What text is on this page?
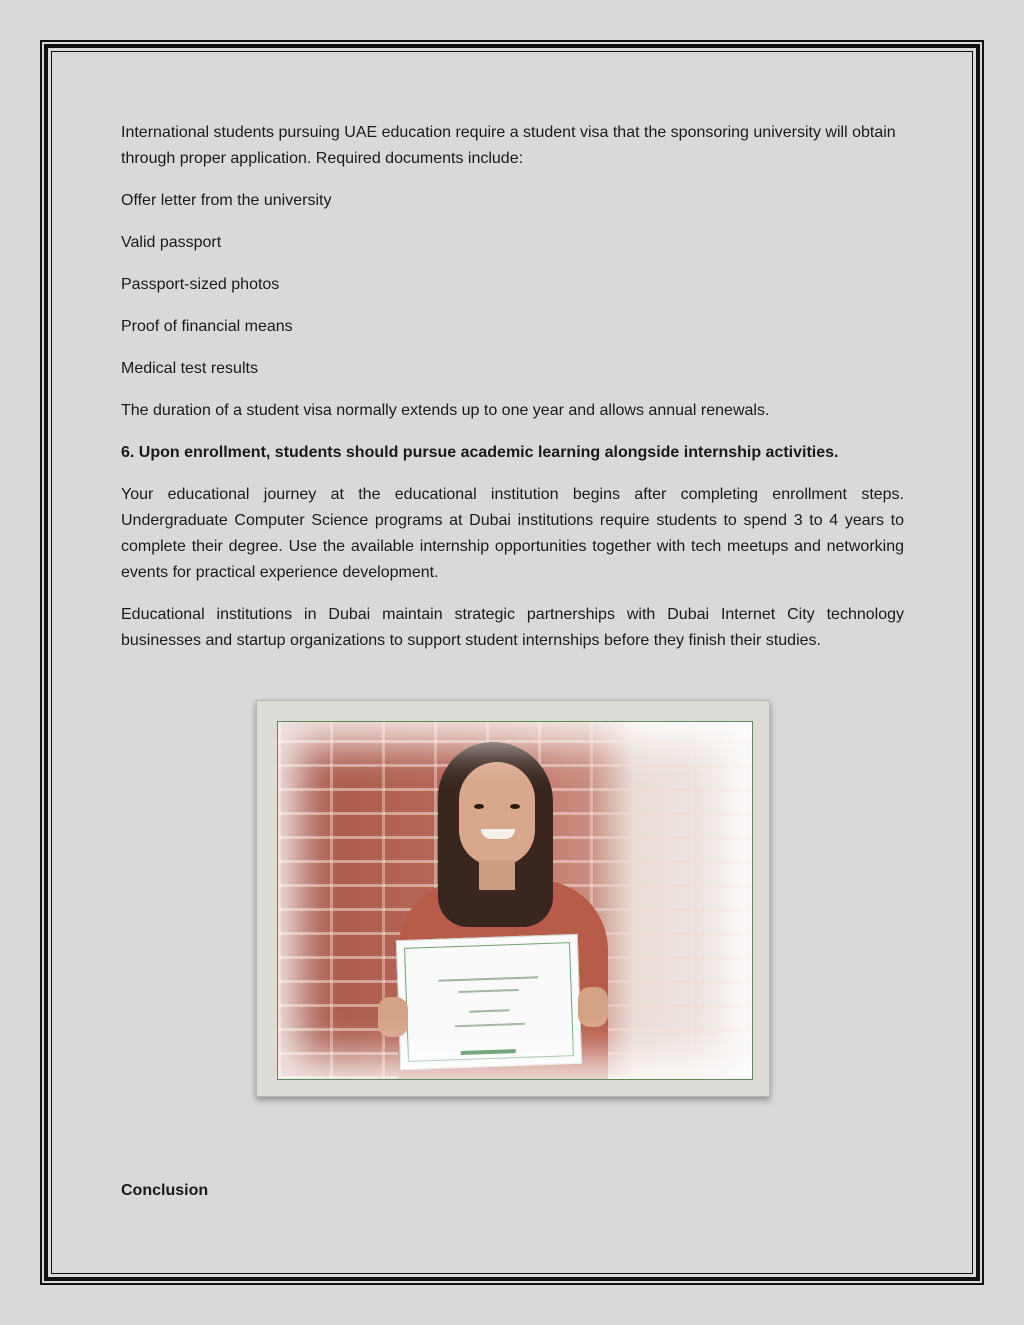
International students pursuing UAE education require a student visa that the sponsoring university will obtain through proper application. Required documents include:

Offer letter from the university

Valid passport

Passport-sized photos

Proof of financial means

Medical test results

The duration of a student visa normally extends up to one year and allows annual renewals.

6. Upon enrollment, students should pursue academic learning alongside internship activities.

Your educational journey at the educational institution begins after completing enrollment steps. Undergraduate Computer Science programs at Dubai institutions require students to spend 3 to 4 years to complete their degree. Use the available internship opportunities together with tech meetups and networking events for practical experience development.

Educational institutions in Dubai maintain strategic partnerships with Dubai Internet City technology businesses and startup organizations to support student internships before they finish their studies.

Conclusion
